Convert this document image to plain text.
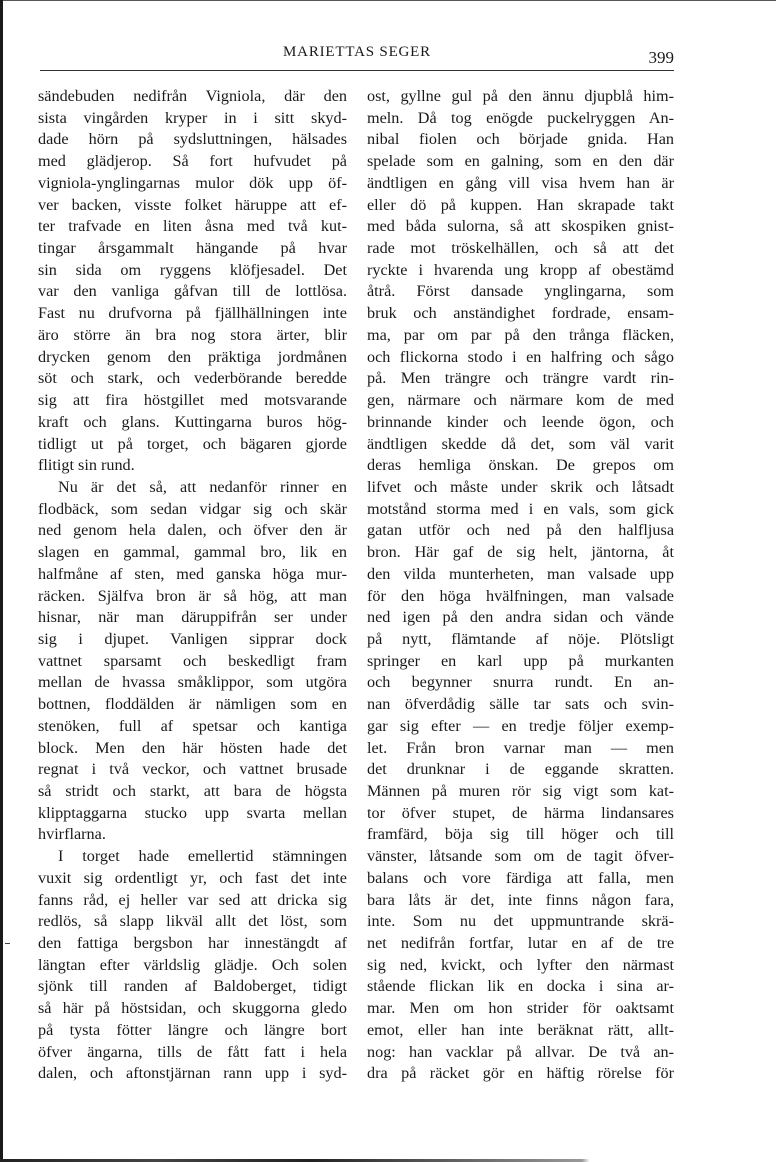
MARIETTAS SEGER	399
sändebuden nedifrån Vigniola, där den
sista vingården kryper in i sitt skyd-
dade hörn på sydsluttningen, hälsades
med glädjerop. Så fort hufvudet på
vigniola-ynglingarnas mulor dök upp öf-
ver backen, visste folket häruppe att ef-
ter trafvade en liten åsna med två kut-
tingar årsgammalt hängande på hvar
sin sida om ryggens klöfjesadel. Det
var den vanliga gåfvan till de lottlösa.
Fast nu drufvorna på fjällhällningen inte
äro större än bra nog stora ärter, blir
drycken genom den präktiga jordmånen
söt och stark, och vederbörande beredde
sig att fira höstgillet med motsvarande
kraft och glans. Kuttingarna buros hög-
tidligt ut på torget, och bägaren gjorde
flitigt sin rund.
Nu är det så, att nedanför rinner en
flodbäck, som sedan vidgar sig och skär
ned genom hela dalen, och öfver den är
slagen en gammal, gammal bro, lik en
halfmåne af sten, med ganska höga mur-
räcken. Själfva bron är så hög, att man
hisnar, när man däruppifrån ser under
sig i djupet. Vanligen sipprar dock
vattnet sparsamt och beskedligt fram
mellan de hvassa småklippor, som utgöra
bottnen, floddälden är nämligen som en
stenöken, full af spetsar och kantiga
block. Men den här hösten hade det
regnat i två veckor, och vattnet brusade
så stridt och starkt, att bara de högsta
klipptaggarna stucko upp svarta mellan
hvirflarna.
I torget hade emellertid stämningen
vuxit sig ordentligt yr, och fast det inte
fanns råd, ej heller var sed att dricka sig
redlös, så slapp likväl allt det löst, som
den fattiga bergsbon har innestängdt af
längtan efter världslig glädje. Och solen
sjönk till randen af Baldoberget, tidigt
så här på höstsidan, och skuggorna gledo
på tysta fötter längre och längre bort
öfver ängarna, tills de fått fatt i hela
dalen, och aftonstjärnan rann upp i syd-
ost, gyllne gul på den ännu djupblå him-
meln. Då tog enögde puckelryggen An-
nibal fiolen och började gnida. Han
spelade som en galning, som en den där
ändtligen en gång vill visa hvem han är
eller dö på kuppen. Han skrapade takt
med båda sulorna, så att skospiken gnist-
rade mot tröskelhällen, och så att det
ryckte i hvarenda ung kropp af obestämd
åtrå. Först dansade ynglingarna, som
bruk och anständighet fordrade, ensam-
ma, par om par på den trånga fläcken,
och flickorna stodo i en halfring och sågo
på. Men trängre och trängre vardt rin-
gen, närmare och närmare kom de med
brinnande kinder och leende ögon, och
ändtligen skedde då det, som väl varit
deras hemliga önskan. De grepos om
lifvet och måste under skrik och låtsadt
motstånd storma med i en vals, som gick
gatan utför och ned på den halfljusa
bron. Här gaf de sig helt, jäntorna, åt
den vilda munterheten, man valsade upp
för den höga hvälfningen, man valsade
ned igen på den andra sidan och vände
på nytt, flämtande af nöje. Plötsligt
springer en karl upp på murkanten
och begynner snurra rundt. En an-
nan öfverdådig sälle tar sats och svin-
gar sig efter — en tredje följer exemp-
let. Från bron varnar man — men
det drunknar i de eggande skratten.
Männen på muren rör sig vigt som kat-
tor öfver stupet, de härma lindansares
framfärd, böja sig till höger och till
vänster, låtsande som om de tagit öfver-
balans och vore färdiga att falla, men
bara låts är det, inte finns någon fara,
inte. Som nu det uppmuntrande skrä-
net nedifrån fortfar, lutar en af de tre
sig ned, kvickt, och lyfter den närmast
stående flickan lik en docka i sina ar-
mar. Men om hon strider för oaktsamt
emot, eller han inte beräknat rätt, allt-
nog: han vacklar på allvar. De två an-
dra på räcket gör en häftig rörelse för
